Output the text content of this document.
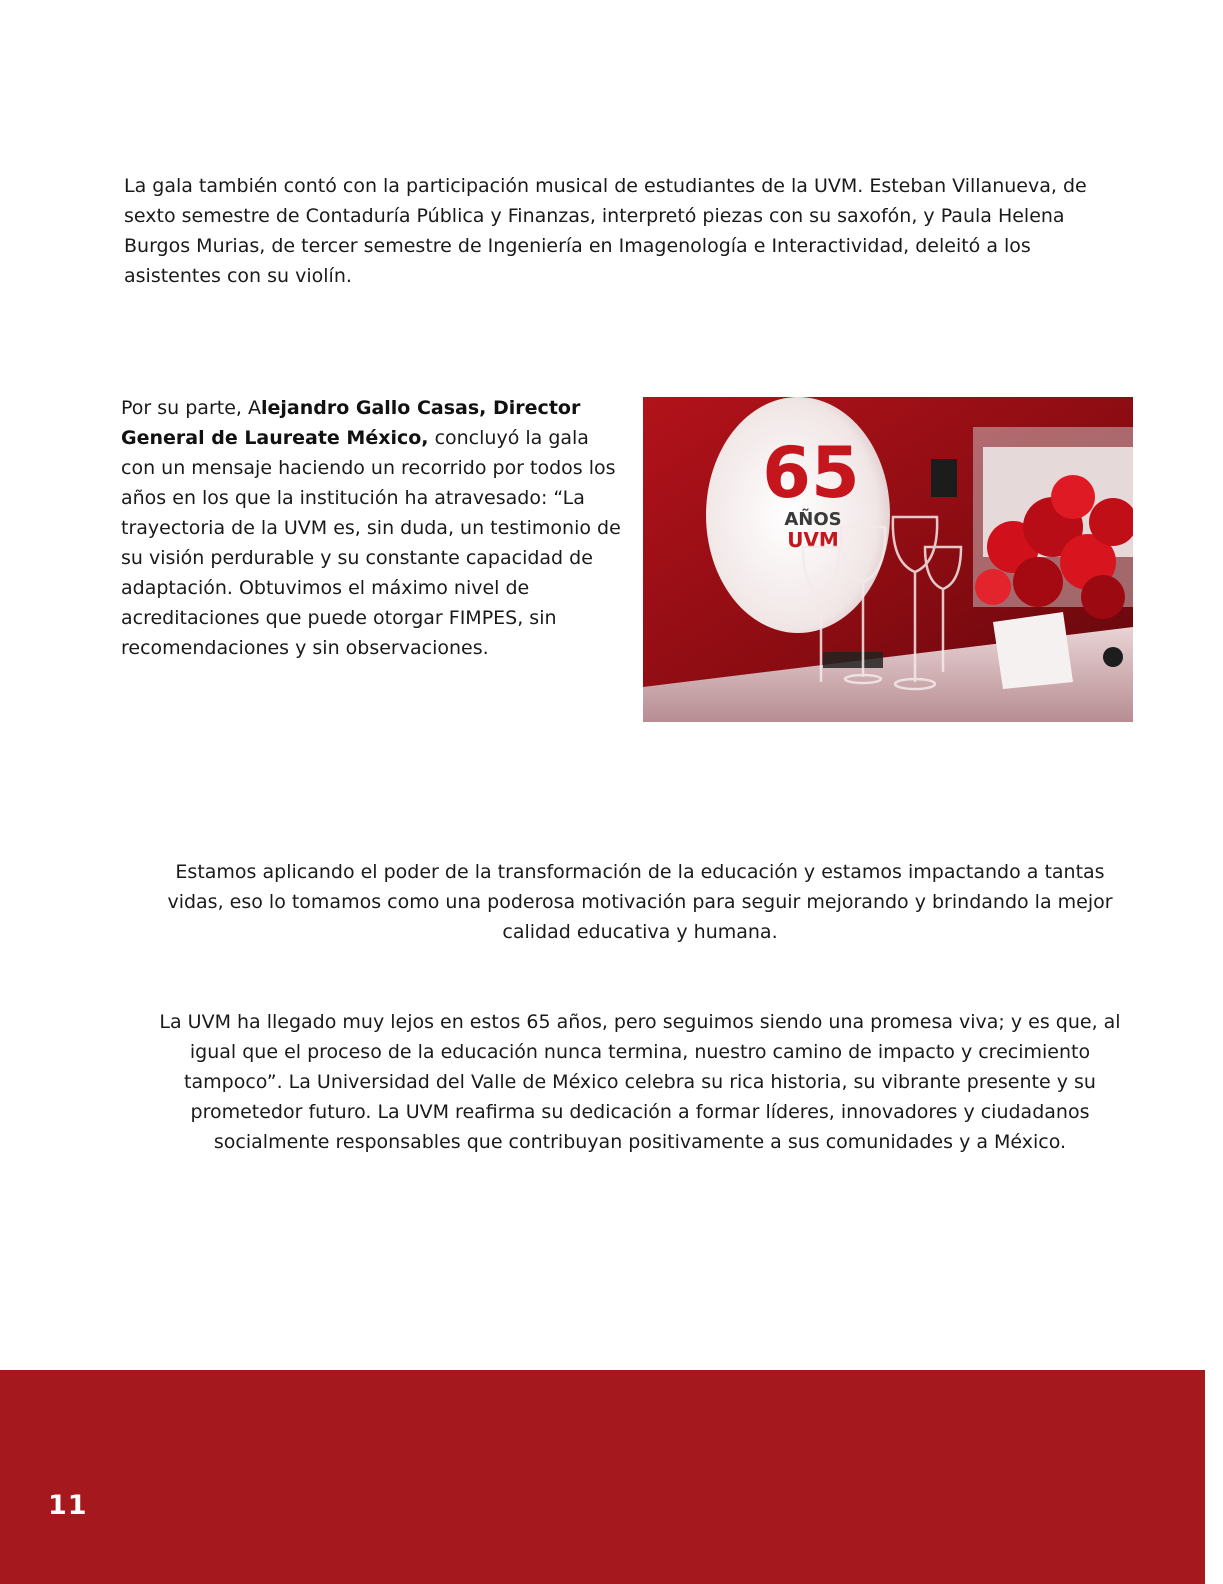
La gala también contó con la participación musical de estudiantes de la UVM. Esteban Villanueva, de sexto semestre de Contaduría Pública y Finanzas, interpretó piezas con su saxofón, y Paula Helena Burgos Murias, de tercer semestre de Ingeniería en Imagenología e Interactividad, deleitó a los asistentes con su violín.

Por su parte, Alejandro Gallo Casas, Director General de Laureate México, concluyó la gala con un mensaje haciendo un recorrido por todos los años en los que la institución ha atravesado: “La trayectoria de la UVM es, sin duda, un testimonio de su visión perdurable y su constante capacidad de adaptación. Obtuvimos el máximo nivel de acreditaciones que puede otorgar FIMPES, sin recomendaciones y sin observaciones.

65
AÑOS
UVM

Estamos aplicando el poder de la transformación de la educación y estamos impactando a tantas vidas, eso lo tomamos como una poderosa motivación para seguir mejorando y brindando la mejor calidad educativa y humana.

La UVM ha llegado muy lejos en estos 65 años, pero seguimos siendo una promesa viva; y es que, al igual que el proceso de la educación nunca termina, nuestro camino de impacto y crecimiento tampoco”. La Universidad del Valle de México celebra su rica historia, su vibrante presente y su prometedor futuro. La UVM reafirma su dedicación a formar líderes, innovadores y ciudadanos socialmente responsables que contribuyan positivamente a sus comunidades y a México.

11
